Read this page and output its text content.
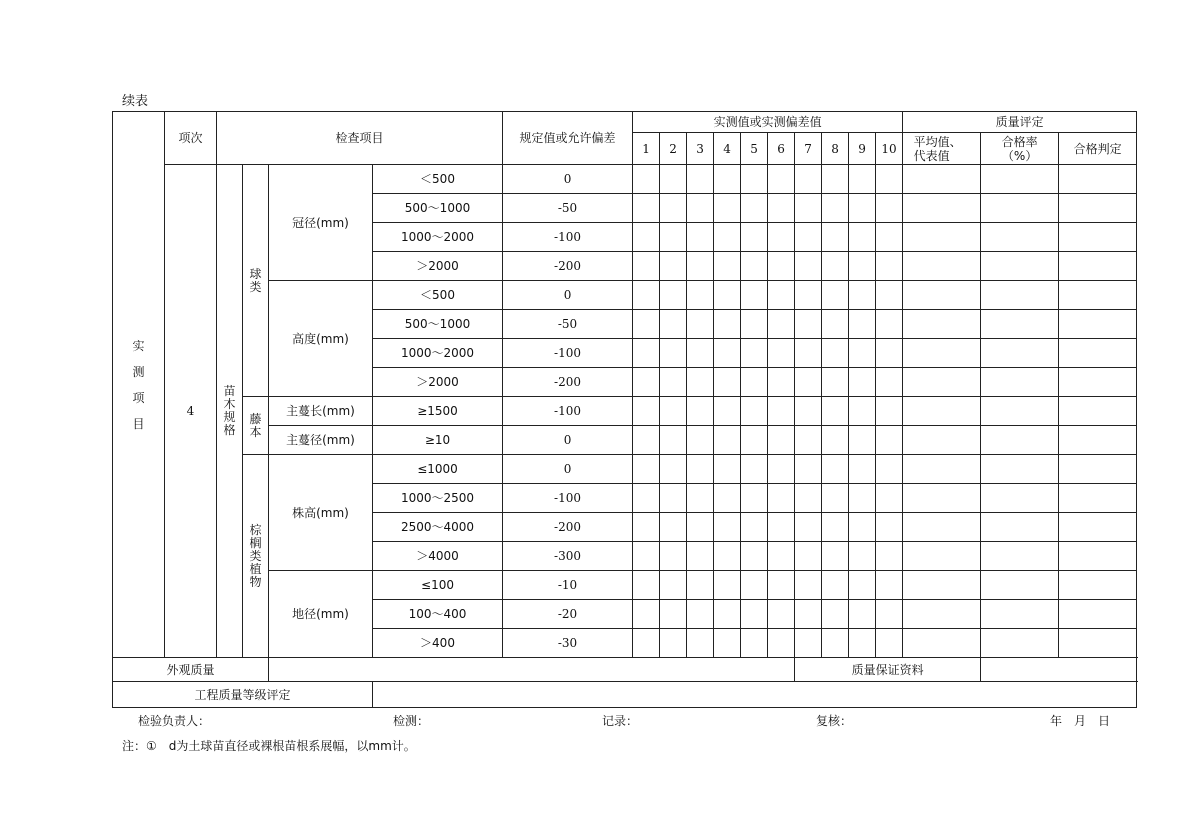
续表
实测项目	项次	检查项目				规定值或允许偏差	实测值或实测偏差值										质量评定		
							1	2	3	4	5	6	7	8	9	10	平均值、代表值	合格率（%）	合格判定
	4	苗木规格	球类	冠径(mm)	＜500	0													
					500～1000	-50													
					1000～2000	-100													
					＞2000	-200													
				高度(mm)	＜500	0													
					500～1000	-50													
					1000～2000	-100													
					＞2000	-200													

			藤本	主蔓长(mm)	≥1500	-100													
				主蔓径(mm)	≥10	0													

			棕榈类植物	株高(mm)	≤1000	0													
					1000～2500	-100													
					2500～4000	-200													
					＞4000	-300													
				地径(mm)	≤100	-10													
					100～400	-20													
					＞400	-30													
外观质量													质量保证资料						
工程质量等级评定																			
检验负责人：	检测：	记录：	复核：	年　月　日
注：①　d为土球苗直径或裸根苗根系展幅，以mm计。
